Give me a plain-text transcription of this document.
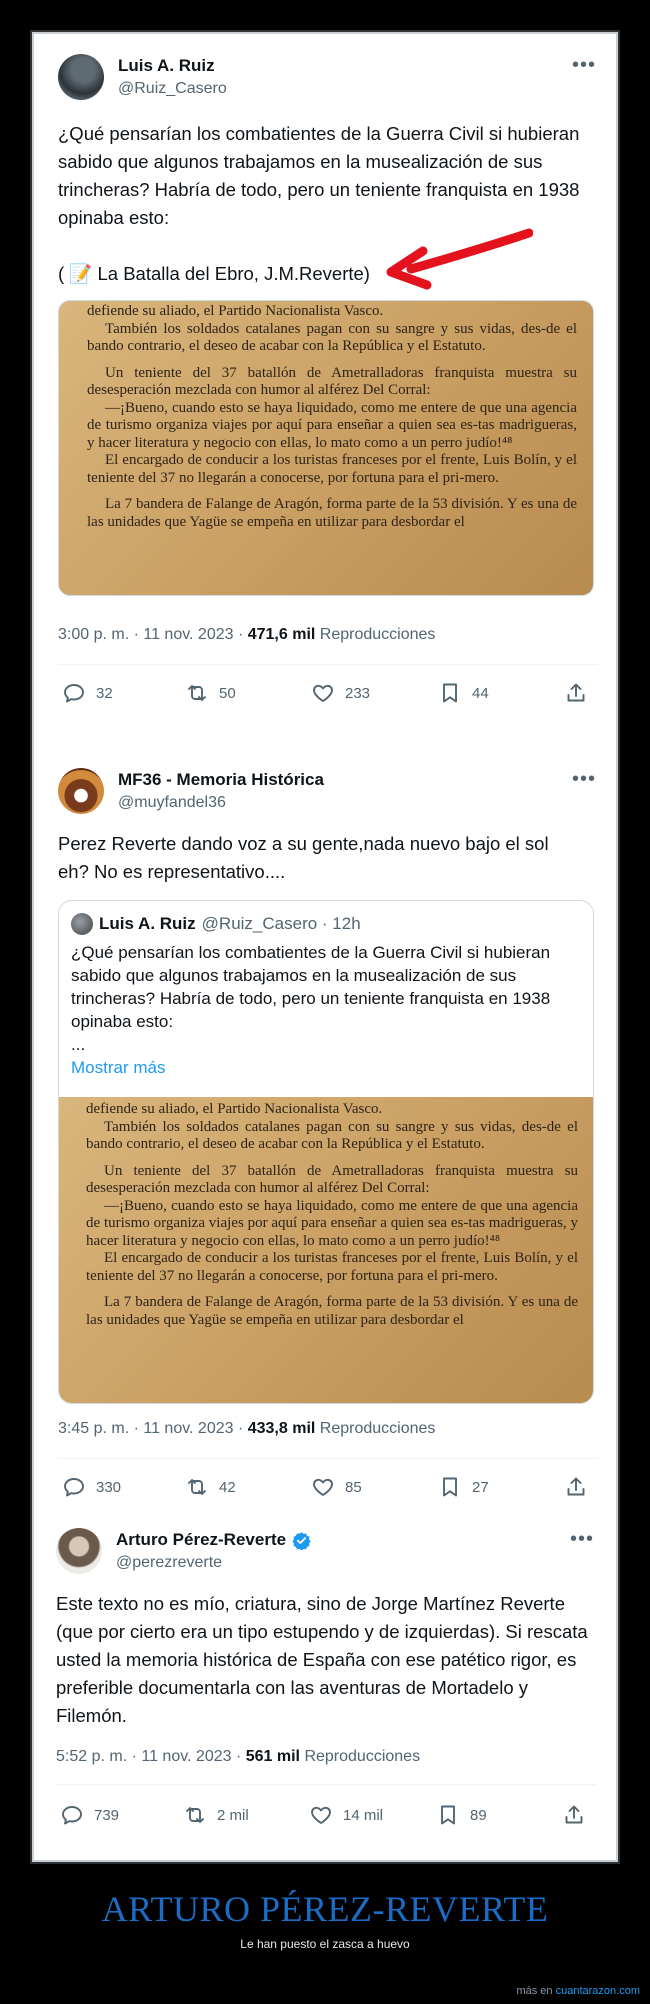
Luis A. Ruiz
@Ruiz_Casero
•••
¿Qué pensarían los combatientes de la Guerra Civil si hubieran sabido que algunos trabajamos en la musealización de sus trincheras? Habría de todo, pero un teniente franquista en 1938 opinaba esto:
( 📝 La Batalla del Ebro, J.M.Reverte)

defiende su aliado, el Partido Nacionalista Vasco.

También los soldados catalanes pagan con su sangre y sus vidas, des-de el bando contrario, el deseo de acabar con la República y el Estatuto.

Un teniente del 37 batallón de Ametralladoras franquista muestra su desesperación mezclada con humor al alférez Del Corral:

—¡Bueno, cuando esto se haya liquidado, como me entere de que una agencia de turismo organiza viajes por aquí para enseñar a quien sea es-tas madrigueras, y hacer literatura y negocio con ellas, lo mato como a un perro judío!⁴⁸

El encargado de conducir a los turistas franceses por el frente, Luis Bolín, y el teniente del 37 no llegarán a conocerse, por fortuna para el pri-mero.

La 7 bandera de Falange de Aragón, forma parte de la 53 división. Y es una de las unidades que Yagüe se empeña en utilizar para desbordar el

3:00 p. m. · 11 nov. 2023 · 471,6 mil Reproducciones
32	50	233	44
MF36 - Memoria Histórica
@muyfandel36
•••
Perez Reverte dando voz a su gente,nada nuevo bajo el sol eh? No es representativo....
Luis A. Ruiz @Ruiz_Casero · 12h
¿Qué pensarían los combatientes de la Guerra Civil si hubieran sabido que algunos trabajamos en la musealización de sus trincheras? Habría de todo, pero un teniente franquista en 1938 opinaba esto:
...
Mostrar más

defiende su aliado, el Partido Nacionalista Vasco.

También los soldados catalanes pagan con su sangre y sus vidas, des-de el bando contrario, el deseo de acabar con la República y el Estatuto.

Un teniente del 37 batallón de Ametralladoras franquista muestra su desesperación mezclada con humor al alférez Del Corral:

—¡Bueno, cuando esto se haya liquidado, como me entere de que una agencia de turismo organiza viajes por aquí para enseñar a quien sea es-tas madrigueras, y hacer literatura y negocio con ellas, lo mato como a un perro judío!⁴⁸

El encargado de conducir a los turistas franceses por el frente, Luis Bolín, y el teniente del 37 no llegarán a conocerse, por fortuna para el pri-mero.

La 7 bandera de Falange de Aragón, forma parte de la 53 división. Y es una de las unidades que Yagüe se empeña en utilizar para desbordar el

3:45 p. m. · 11 nov. 2023 · 433,8 mil Reproducciones
330	42	85	27
Arturo Pérez-Reverte
@perezreverte
•••
Este texto no es mío, criatura, sino de Jorge Martínez Reverte (que por cierto era un tipo estupendo y de izquierdas). Si rescata usted la memoria histórica de España con ese patético rigor, es preferible documentarla con las aventuras de Mortadelo y Filemón.
5:52 p. m. · 11 nov. 2023 · 561 mil Reproducciones
739	2 mil	14 mil	89
ARTURO PÉREZ-REVERTE
Le han puesto el zasca a huevo
más en cuantarazon.com
